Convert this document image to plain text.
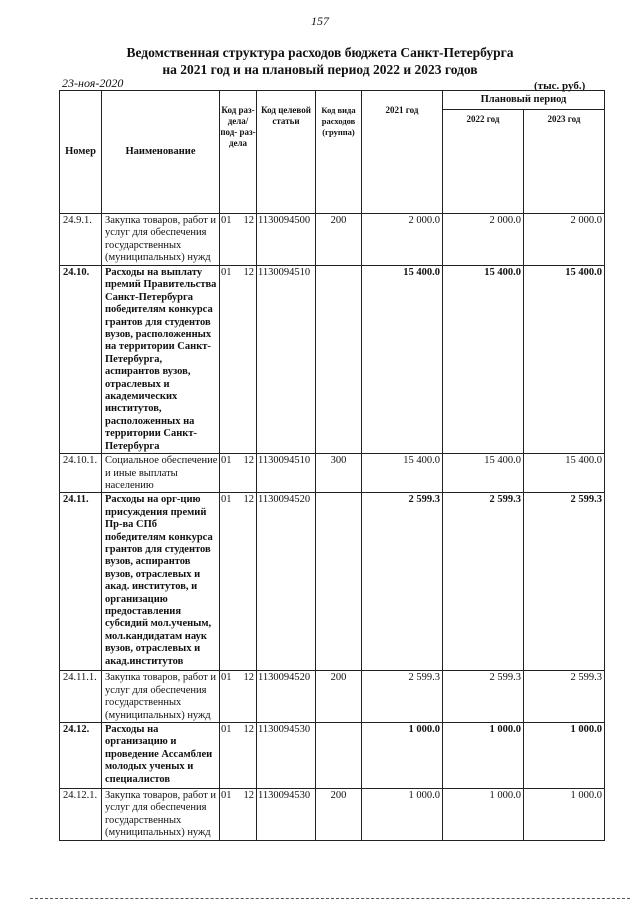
157
Ведомственная структура расходов бюджета Санкт-Петербурга
на 2021 год и на плановый период 2022 и 2023 годов
23-ноя-2020	(тыс. руб.)
Номер	Наименование	Код раз- дела/ под- раз- дела	Код целевой статьи	Код вида расходов (группа)	2021 год	Плановый период	
						2022 год	2023 год
24.9.1.	Закупка товаров, работ и услуг для обеспечения государственных (муниципальных) нужд	01 12	1130094500	200	2 000.0	2 000.0	2 000.0
24.10.	Расходы на выплату премий Правительства Санкт-Петербурга победителям конкурса грантов для студентов вузов, расположенных на территории Санкт-Петербурга, аспирантов вузов, отраслевых и академических институтов, расположенных на территории Санкт-Петербурга	01 12	1130094510		15 400.0	15 400.0	15 400.0
24.10.1.	Социальное обеспечение и иные выплаты населению	01 12	1130094510	300	15 400.0	15 400.0	15 400.0
24.11.	Расходы на орг-цию присуждения премий Пр-ва СПб победителям конкурса грантов для студентов вузов, аспирантов вузов, отраслевых и акад. институтов, и организацию предоставления субсидий мол.ученым, мол.кандидатам наук вузов, отраслевых и акад.институтов	01 12	1130094520		2 599.3	2 599.3	2 599.3
24.11.1.	Закупка товаров, работ и услуг для обеспечения государственных (муниципальных) нужд	01 12	1130094520	200	2 599.3	2 599.3	2 599.3
24.12.	Расходы на организацию и проведение Ассамблеи молодых ученых и специалистов	01 12	1130094530		1 000.0	1 000.0	1 000.0
24.12.1.	Закупка товаров, работ и услуг для обеспечения государственных (муниципальных) нужд	01 12	1130094530	200	1 000.0	1 000.0	1 000.0
